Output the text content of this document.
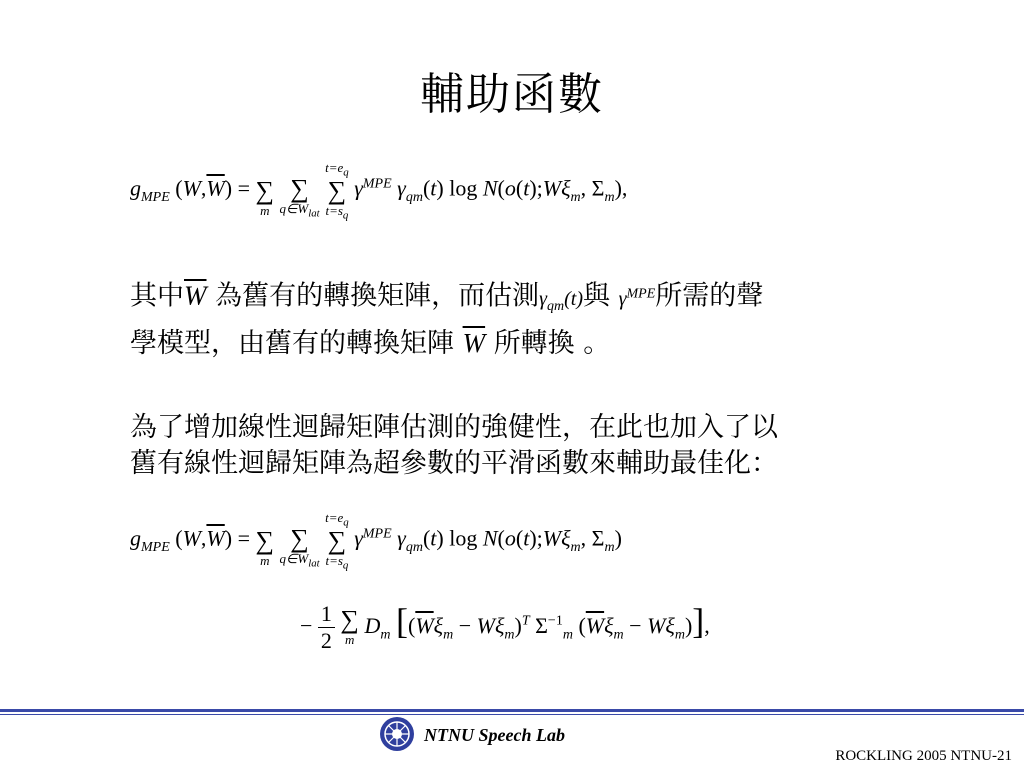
輔助函數
$g_{MPE}$ $(W,\overline{W})$ =
∑
m

∑
$q\in W_{lat}$

$t=e_q$
∑
$t=s_q$
$\gamma^{MPE}$ $\gamma_{qm}(t)$ $\log N(o(t);W\xi_m$, $\Sigma_m$),
其中$\overline{W}$ 為舊有的轉換矩陣，而估測$\gamma_{qm}(t)$與 $\gamma^{MPE}$所需的聲
學模型，由舊有的轉換矩陣 $\overline{W}$ 所轉換 。
為了增加線性迴歸矩陣估測的強健性，在此也加入了以
舊有線性迴歸矩陣為超參數的平滑函數來輔助最佳化：
$g_{MPE}$ $(W,\overline{W})$ =
∑
m

∑
$q\in W_{lat}$

$t=e_q$
∑
$t=s_q$
$\gamma^{MPE}$ $\gamma_{qm}(t)$ $\log N(o(t);W\xi_m$, $\Sigma_m$)
− $\frac{1}{2}$
∑
m
$D_m$ [$(\overline{W}\xi_m - W\xi_m)^T$ $\Sigma^{-1}_m$ $(\overline{W}\xi_m - W\xi_m)$],
NTNU Speech Lab
ROCKLING 2005 NTNU-21
